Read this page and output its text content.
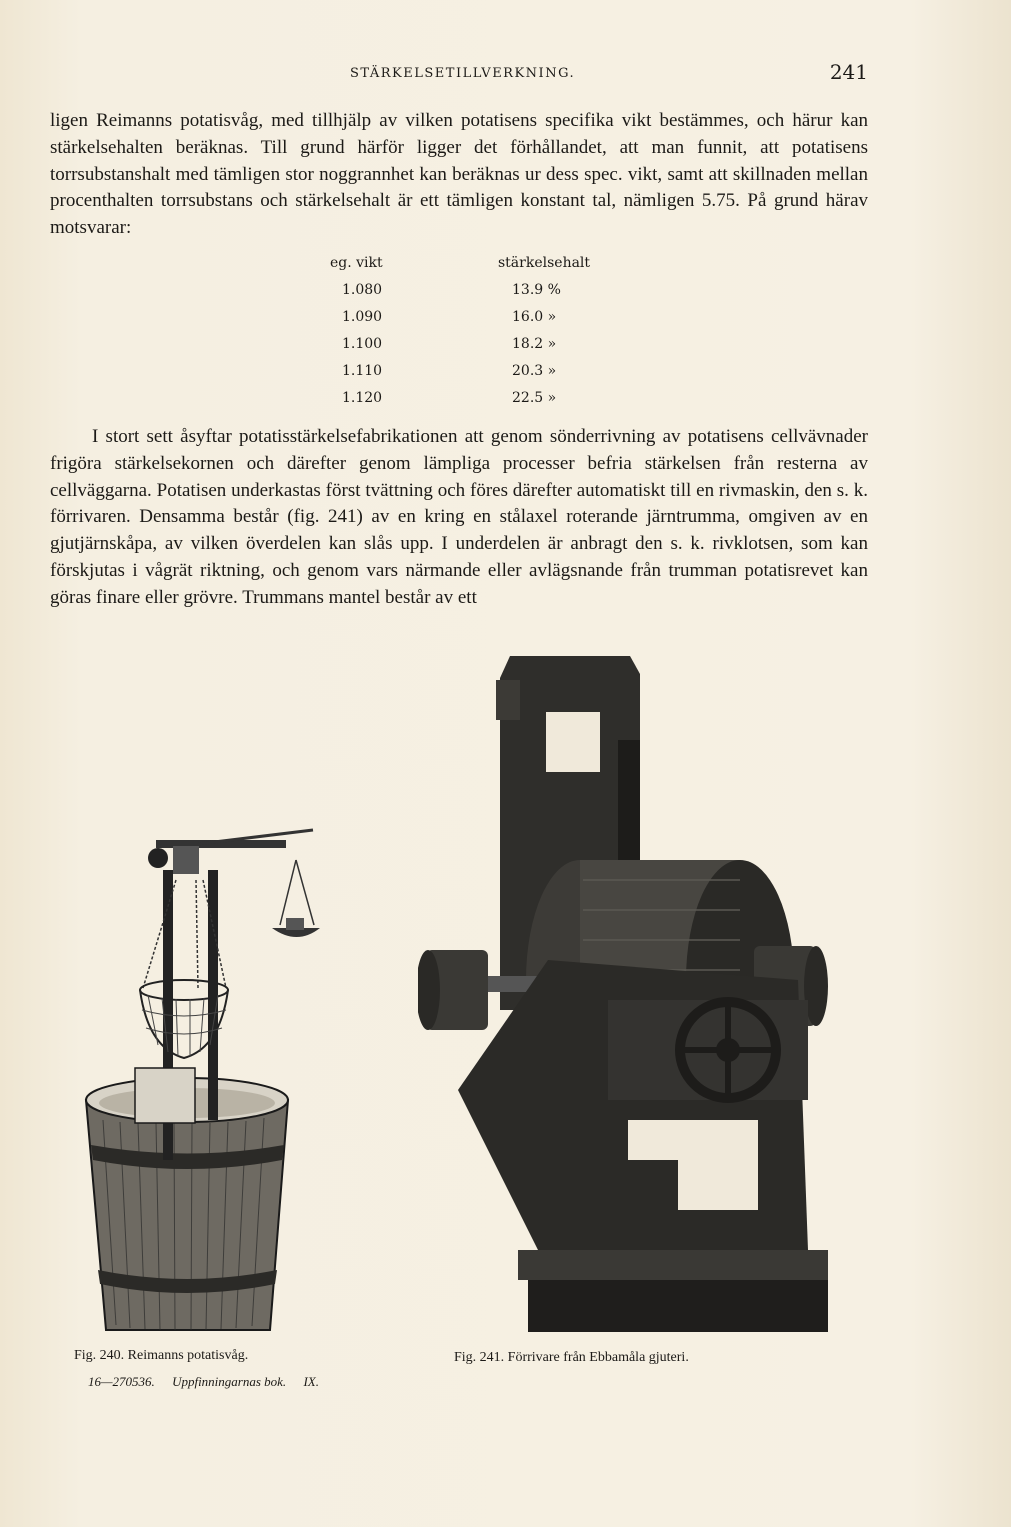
STÄRKELSETILLVERKNING.	241
ligen Reimanns potatisvåg, med tillhjälp av vilken potatisens specifika vikt bestämmes, och härur kan stärkelsehalten beräknas. Till grund härför ligger det förhållandet, att man funnit, att potatisens torrsubstanshalt med tämligen stor noggrannhet kan beräknas ur dess spec. vikt, samt att skillnaden mellan procenthalten torrsubstans och stärkelsehalt är ett tämligen konstant tal, nämligen 5.75. På grund härav motsvarar:
eg. vikt	stärkelsehalt
1.080	13.9 %
1.090	16.0 »
1.100	18.2 »
1.110	20.3 »
1.120	22.5 »
I stort sett åsyftar potatisstärkelsefabrikationen att genom sönderrivning av potatisens cellvävnader frigöra stärkelsekornen och därefter genom lämpliga processer befria stärkelsen från resterna av cellväggarna. Potatisen underkastas först tvättning och föres därefter automatiskt till en rivmaskin, den s. k. förrivaren. Densamma består (fig. 241) av en kring en stålaxel roterande järntrumma, omgiven av en gjutjärnskåpa, av vilken överdelen kan slås upp. I underdelen är anbragt den s. k. rivklotsen, som kan förskjutas i vågrät riktning, och genom vars närmande eller avlägsnande från trumman potatisrevet kan göras finare eller grövre. Trummans mantel består av ett
Fig. 240. Reimanns potatisvåg.	Fig. 241. Förrivare från Ebbamåla gjuteri.
16—270536. Uppfinningarnas bok. IX.
